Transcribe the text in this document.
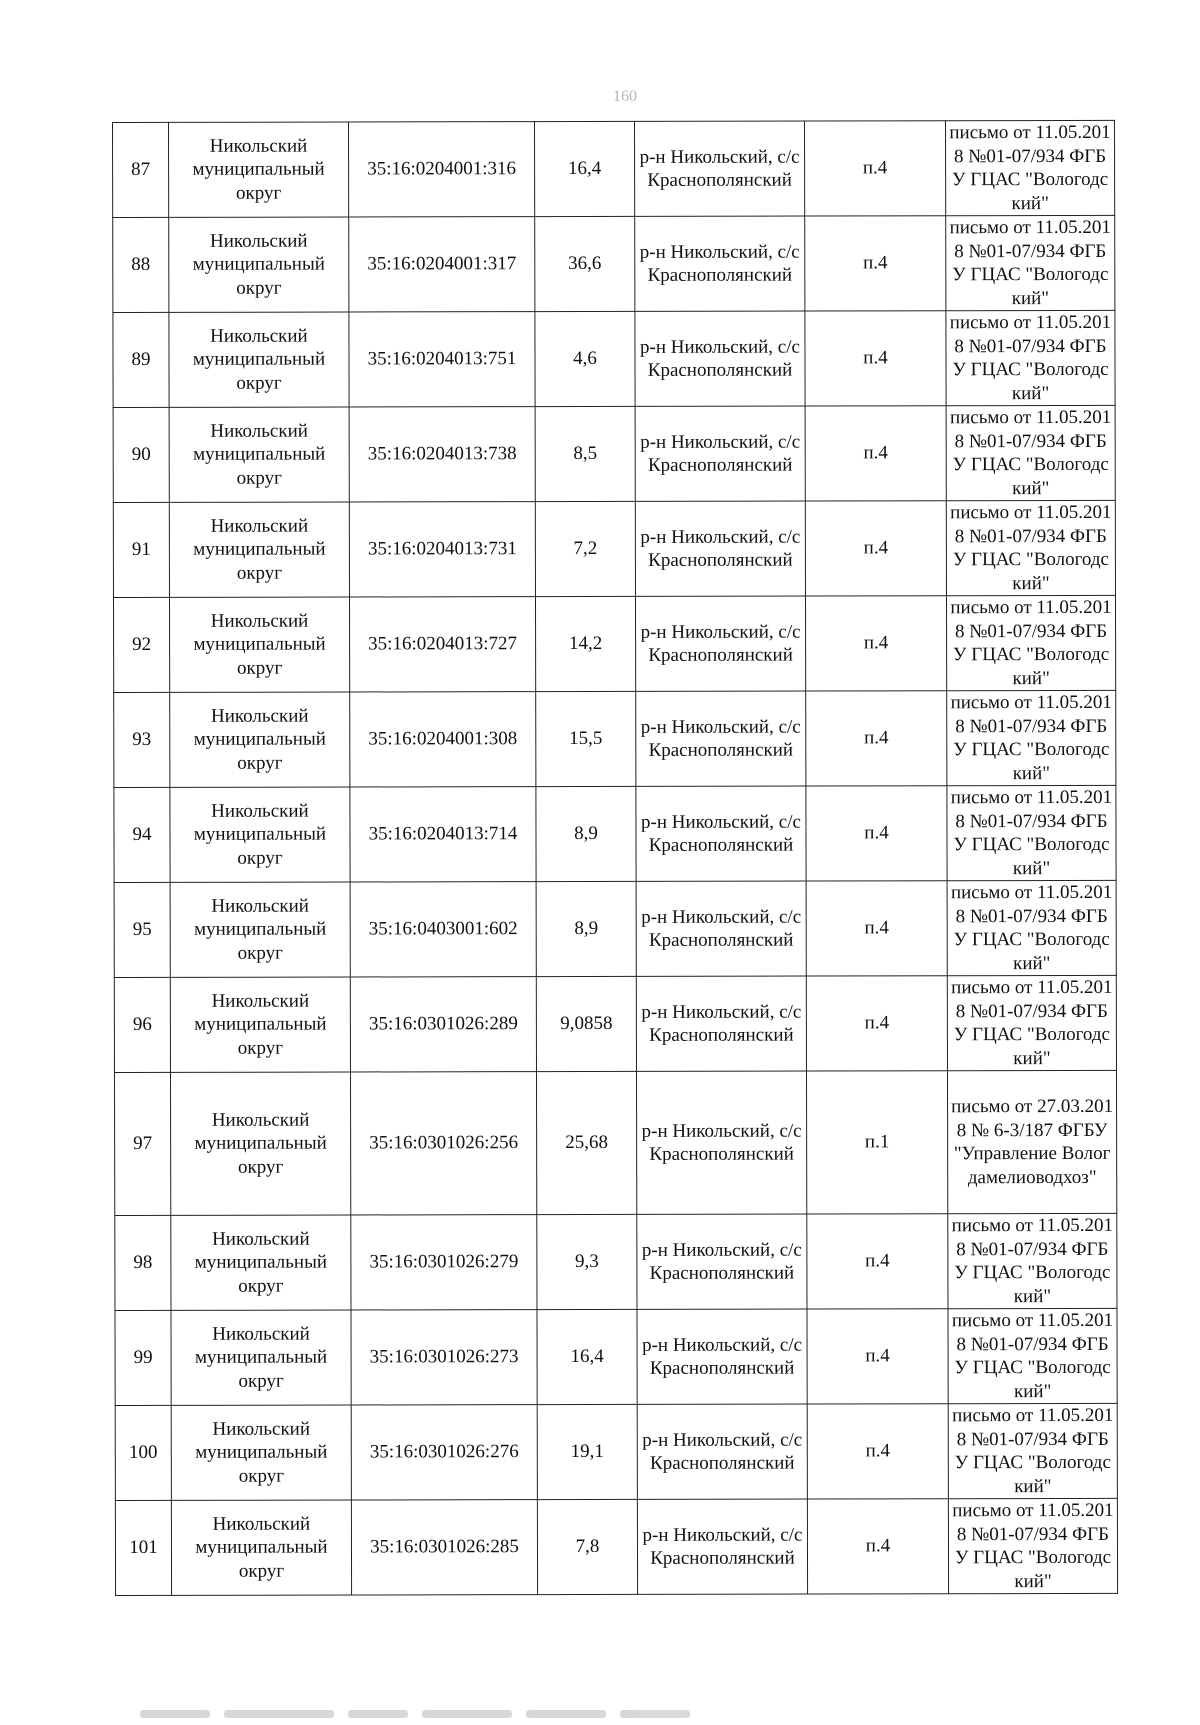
160
87	Никольский муниципальный округ	35:16:0204001:316	16,4	р-н Никольский, с/с Краснополянский	п.4	письмо от 11.05.2018 №01-07/934 ФГБУ ГЦАС "Вологодский"
88	Никольский муниципальный округ	35:16:0204001:317	36,6	р-н Никольский, с/с Краснополянский	п.4	письмо от 11.05.2018 №01-07/934 ФГБУ ГЦАС "Вологодский"
89	Никольский муниципальный округ	35:16:0204013:751	4,6	р-н Никольский, с/с Краснополянский	п.4	письмо от 11.05.2018 №01-07/934 ФГБУ ГЦАС "Вологодский"
90	Никольский муниципальный округ	35:16:0204013:738	8,5	р-н Никольский, с/с Краснополянский	п.4	письмо от 11.05.2018 №01-07/934 ФГБУ ГЦАС "Вологодский"
91	Никольский муниципальный округ	35:16:0204013:731	7,2	р-н Никольский, с/с Краснополянский	п.4	письмо от 11.05.2018 №01-07/934 ФГБУ ГЦАС "Вологодский"
92	Никольский муниципальный округ	35:16:0204013:727	14,2	р-н Никольский, с/с Краснополянский	п.4	письмо от 11.05.2018 №01-07/934 ФГБУ ГЦАС "Вологодский"
93	Никольский муниципальный округ	35:16:0204001:308	15,5	р-н Никольский, с/с Краснополянский	п.4	письмо от 11.05.2018 №01-07/934 ФГБУ ГЦАС "Вологодский"
94	Никольский муниципальный округ	35:16:0204013:714	8,9	р-н Никольский, с/с Краснополянский	п.4	письмо от 11.05.2018 №01-07/934 ФГБУ ГЦАС "Вологодский"
95	Никольский муниципальный округ	35:16:0403001:602	8,9	р-н Никольский, с/с Краснополянский	п.4	письмо от 11.05.2018 №01-07/934 ФГБУ ГЦАС "Вологодский"
96	Никольский муниципальный округ	35:16:0301026:289	9,0858	р-н Никольский, с/с Краснополянский	п.4	письмо от 11.05.2018 №01-07/934 ФГБУ ГЦАС "Вологодский"
97	Никольский муниципальный округ	35:16:0301026:256	25,68	р-н Никольский, с/с Краснополянский	п.1	письмо от 27.03.2018 № 6-3/187 ФГБУ "Управление Вологдамелиоводхоз"
98	Никольский муниципальный округ	35:16:0301026:279	9,3	р-н Никольский, с/с Краснополянский	п.4	письмо от 11.05.2018 №01-07/934 ФГБУ ГЦАС "Вологодский"
99	Никольский муниципальный округ	35:16:0301026:273	16,4	р-н Никольский, с/с Краснополянский	п.4	письмо от 11.05.2018 №01-07/934 ФГБУ ГЦАС "Вологодский"
100	Никольский муниципальный округ	35:16:0301026:276	19,1	р-н Никольский, с/с Краснополянский	п.4	письмо от 11.05.2018 №01-07/934 ФГБУ ГЦАС "Вологодский"
101	Никольский муниципальный округ	35:16:0301026:285	7,8	р-н Никольский, с/с Краснополянский	п.4	письмо от 11.05.2018 №01-07/934 ФГБУ ГЦАС "Вологодский"
